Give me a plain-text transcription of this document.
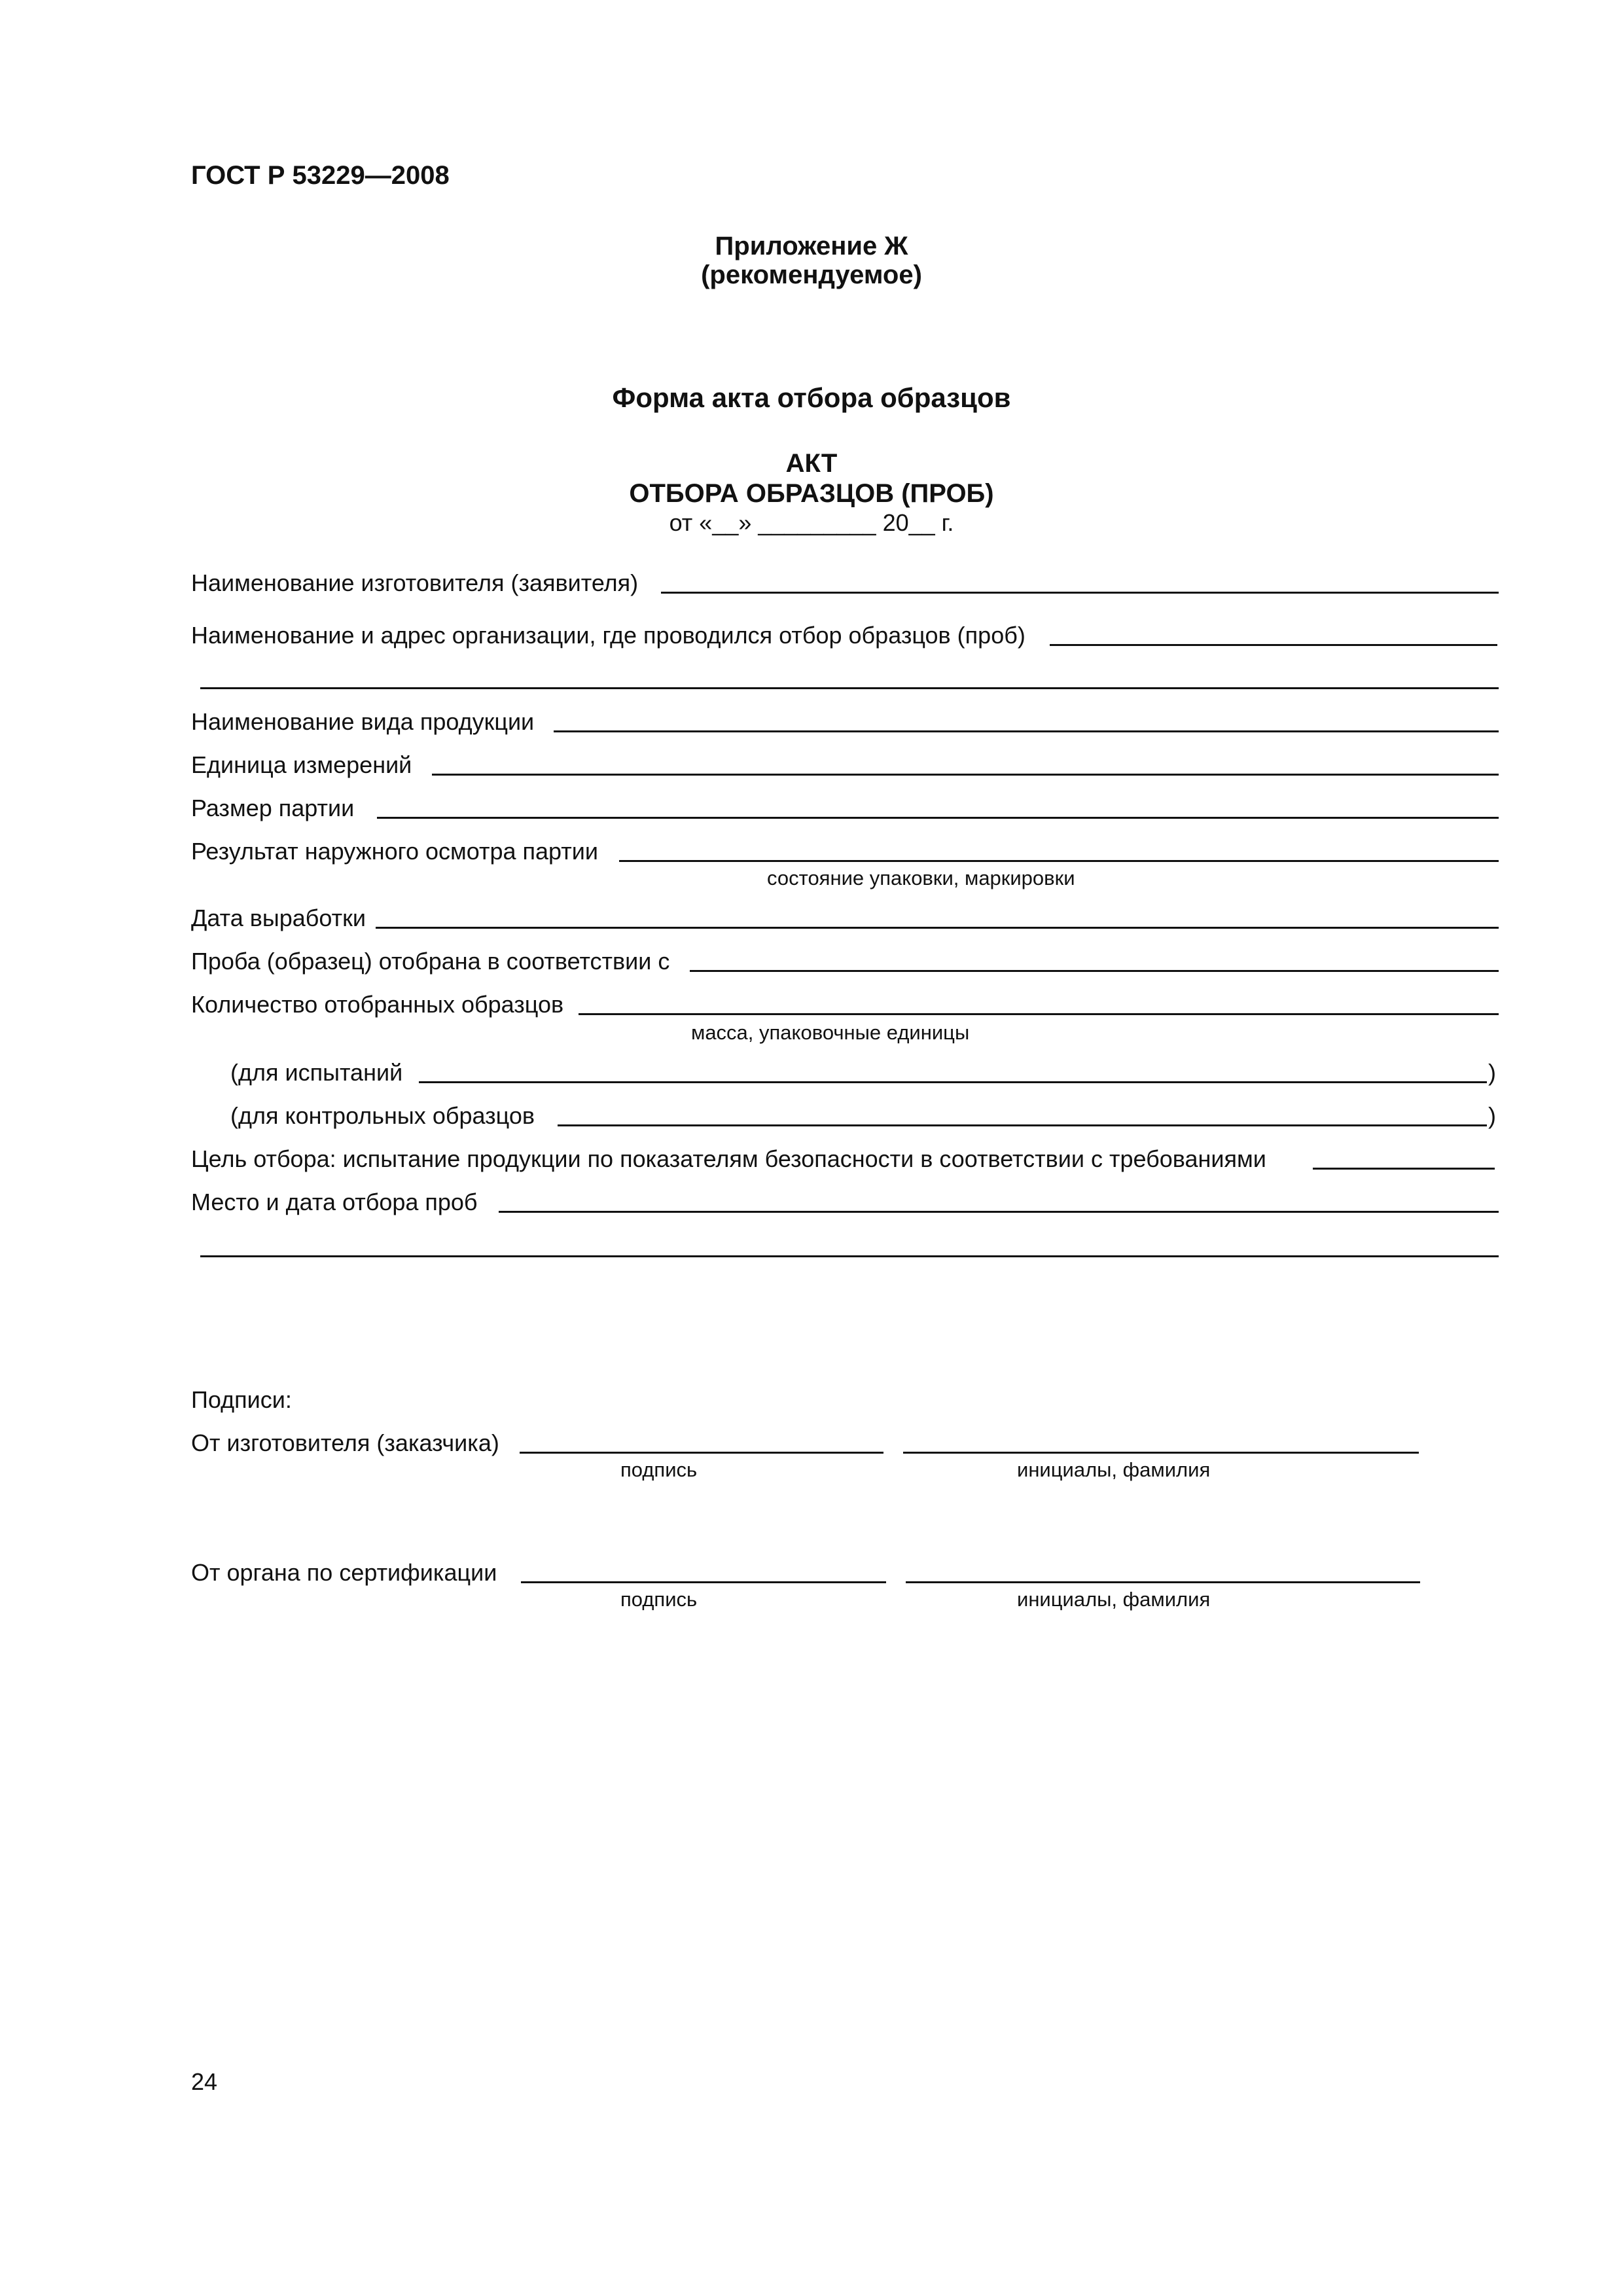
ГОСТ Р 53229—2008
Приложение Ж
(рекомендуемое)
Форма акта отбора образцов
АКТ
ОТБОРА ОБРАЗЦОВ (ПРОБ)
от «__» _________ 20__ г.
Наименование изготовителя (заявителя)
Наименование и адрес организации, где проводился отбор образцов (проб)
Наименование вида продукции
Единица измерений
Размер партии
Результат наружного осмотра партии
состояние упаковки, маркировки
Дата выработки
Проба (образец) отобрана в соответствии с
Количество отобранных образцов
масса, упаковочные единицы
(для испытаний	)
(для контрольных образцов	)
Цель отбора: испытание продукции по показателям безопасности в соответствии с требованиями
Место и дата отбора проб
Подписи:
От изготовителя (заказчика)
подпись	инициалы, фамилия
От органа по сертификации
подпись	инициалы, фамилия
24
